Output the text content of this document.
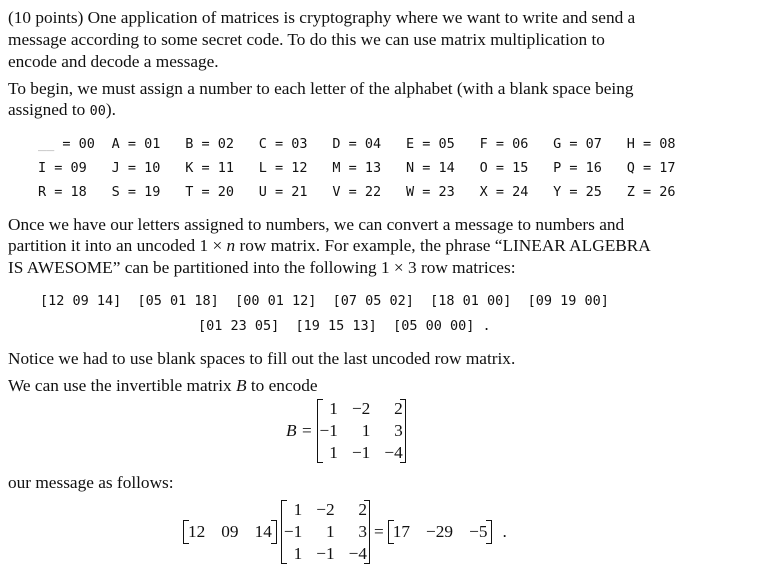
(10 points) One application of matrices is cryptography where we want to write and send a
message according to some secret code. To do this we can use matrix multiplication to
encode and decode a message.
To begin, we must assign a number to each letter of the alphabet (with a blank space being
assigned to 00).
__ = 00	A = 01	B = 02	C = 03	D = 04	E = 05	F = 06	G = 07	H = 08
I = 09	J = 10	K = 11	L = 12	M = 13	N = 14	O = 15	P = 16	Q = 17
R = 18	S = 19	T = 20	U = 21	V = 22	W = 23	X = 24	Y = 25	Z = 26
Once we have our letters assigned to numbers, we can convert a message to numbers and
partition it into an uncoded 1 × n row matrix. For example, the phrase “LINEAR ALGEBRA
IS AWESOME” can be partitioned into the following 1 × 3 row matrices:
[12 09 14]  [05 01 18]  [00 01 12]  [07 05 02]  [18 01 00]  [09 19 00]
[01 23 05]  [19 15 13]  [05 00 00] .
Notice we had to use blank spaces to fill out the last uncoded row matrix.
We can use the invertible matrix B to encode
B =
1 −2	2
−1	1	3
1 −1 −4
our message as follows:
12 09 14
1 −2	2
−1	1	3
1 −1 −4
= 17 −29 −5 .
